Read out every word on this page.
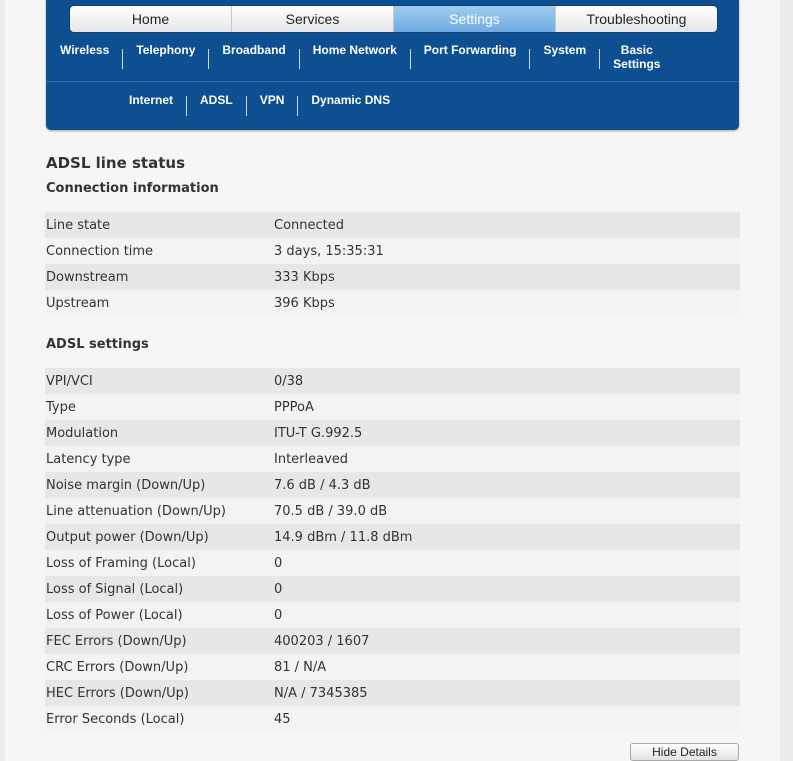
Home	Services	Settings	Troubleshooting
Wireless Telephony Broadband Home Network Port Forwarding System	Basic
Settings
Internet ADSL VPN Dynamic DNS
ADSL line status
Connection information
Line state	Connected
Connection time	3 days, 15:35:31
Downstream	333 Kbps
Upstream	396 Kbps
ADSL settings
VPI/VCI	0/38
Type	PPPoA
Modulation	ITU-T G.992.5
Latency type	Interleaved
Noise margin (Down/Up)	7.6 dB / 4.3 dB
Line attenuation (Down/Up)	70.5 dB / 39.0 dB
Output power (Down/Up)	14.9 dBm / 11.8 dBm
Loss of Framing (Local)	0
Loss of Signal (Local)	0
Loss of Power (Local)	0
FEC Errors (Down/Up)	400203 / 1607
CRC Errors (Down/Up)	81 / N/A
HEC Errors (Down/Up)	N/A / 7345385
Error Seconds (Local)	45
Hide Details
